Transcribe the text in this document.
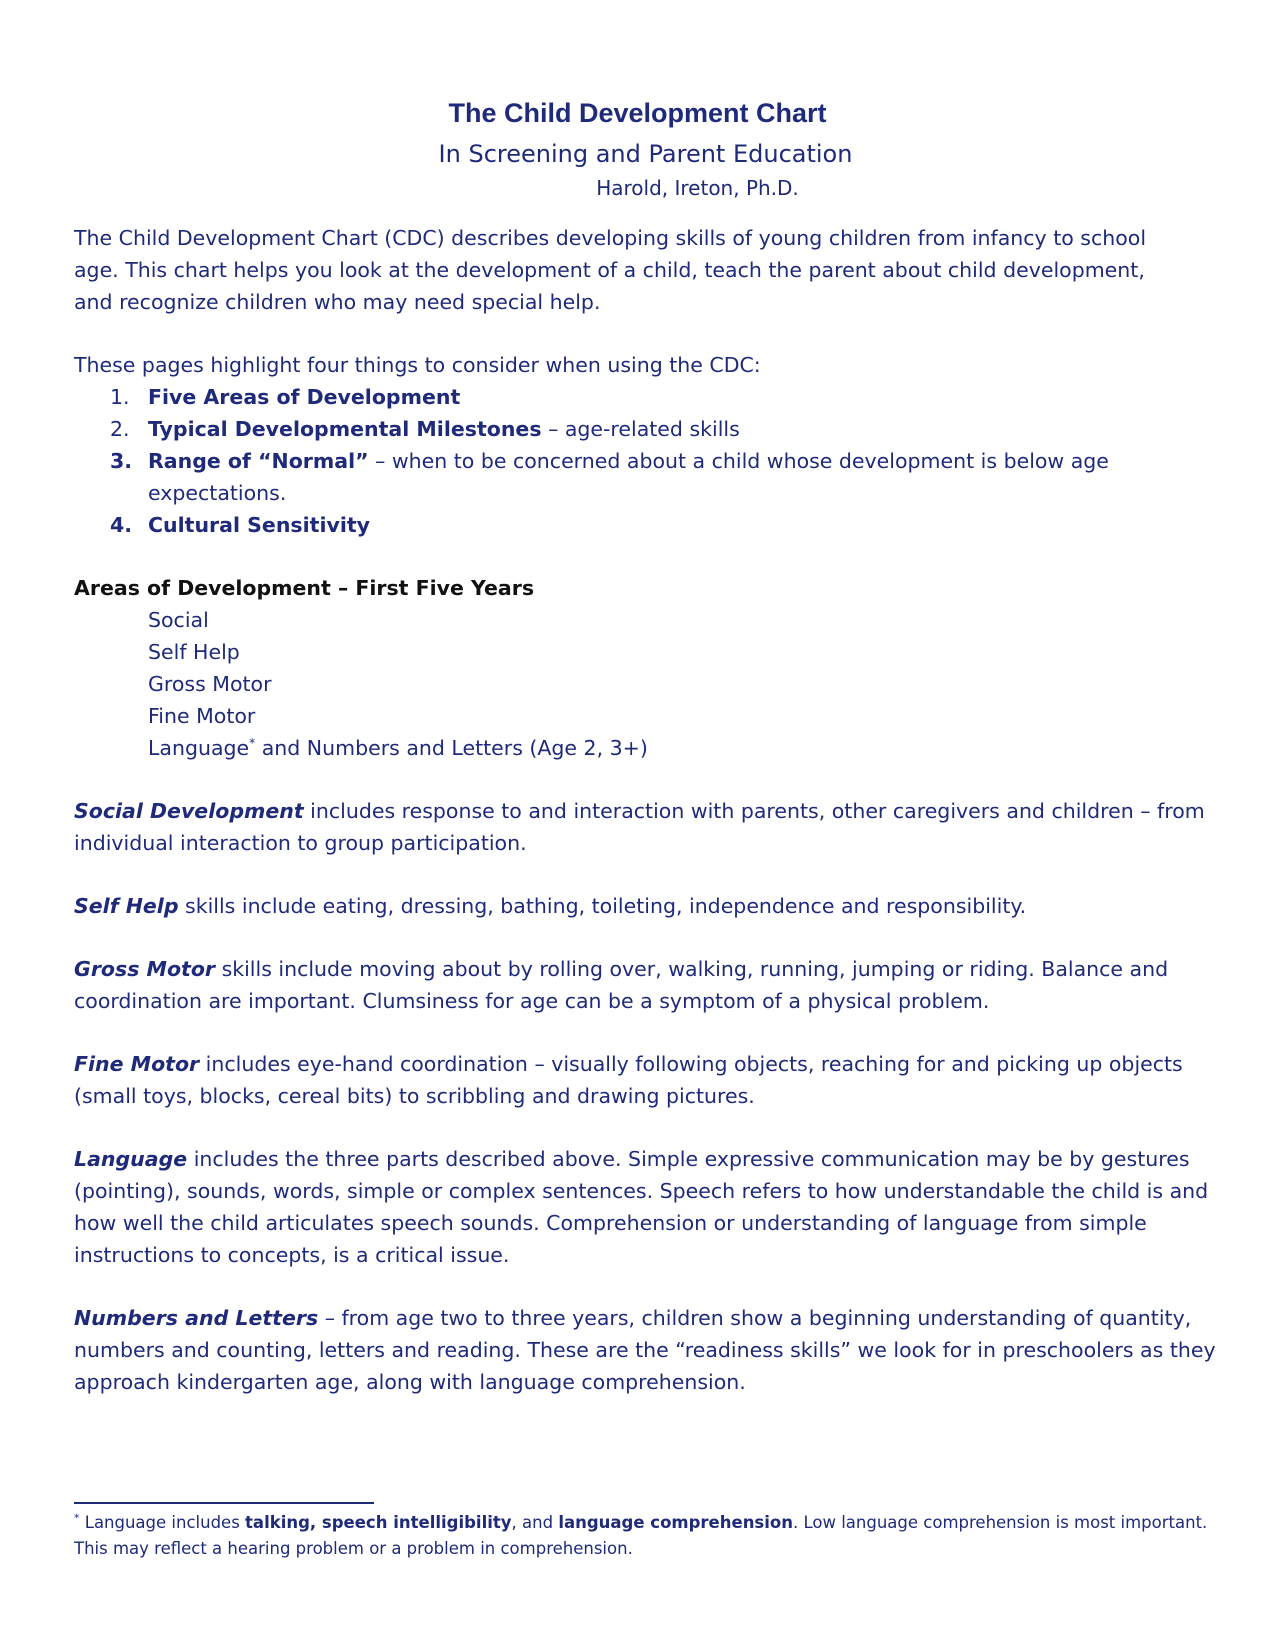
The Child Development Chart
In Screening and Parent Education
Harold, Ireton, Ph.D.

The Child Development Chart (CDC) describes developing skills of young children from infancy to school age. This chart helps you look at the development of a child, teach the parent about child development, and recognize children who may need special help.

These pages highlight four things to consider when using the CDC:
1. Five Areas of Development
2. Typical Developmental Milestones – age-related skills
3. Range of “Normal” – when to be concerned about a child whose development is below age expectations.
4. Cultural Sensitivity
Areas of Development – First Five Years
Social
Self Help
Gross Motor
Fine Motor
Language* and Numbers and Letters (Age 2, 3+)

Social Development includes response to and interaction with parents, other caregivers and children – from individual interaction to group participation.

Self Help skills include eating, dressing, bathing, toileting, independence and responsibility.

Gross Motor skills include moving about by rolling over, walking, running, jumping or riding. Balance and coordination are important. Clumsiness for age can be a symptom of a physical problem.

Fine Motor includes eye-hand coordination – visually following objects, reaching for and picking up objects (small toys, blocks, cereal bits) to scribbling and drawing pictures.

Language includes the three parts described above. Simple expressive communication may be by gestures (pointing), sounds, words, simple or complex sentences. Speech refers to how understandable the child is and how well the child articulates speech sounds. Comprehension or understanding of language from simple instructions to concepts, is a critical issue.

Numbers and Letters – from age two to three years, children show a beginning understanding of quantity, numbers and counting, letters and reading. These are the “readiness skills” we look for in preschoolers as they approach kindergarten age, along with language comprehension.

* Language includes talking, speech intelligibility, and language comprehension. Low language comprehension is most important. This may reflect a hearing problem or a problem in comprehension.
